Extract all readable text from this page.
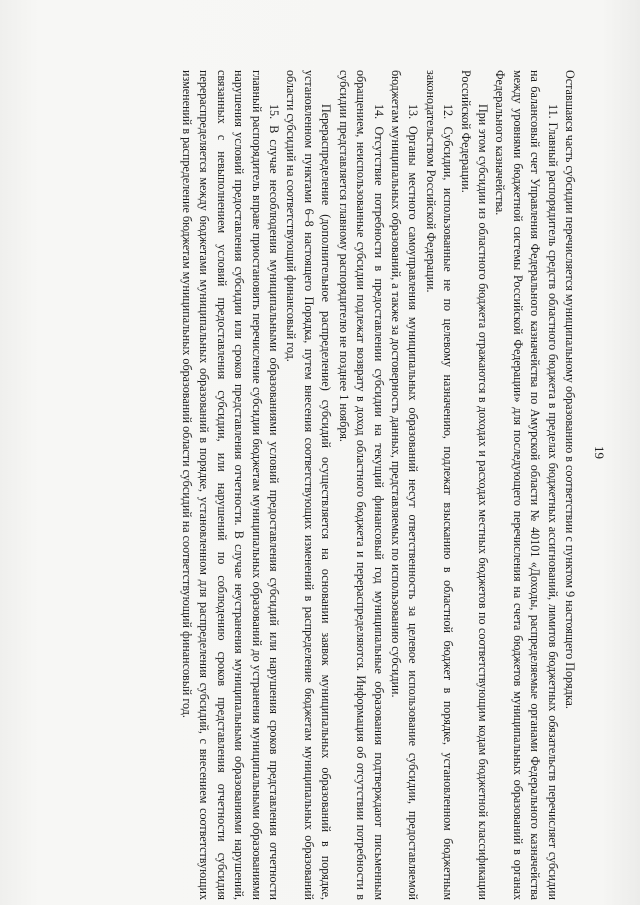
19

Оставшаяся часть субсидии перечисляется муниципальному образованию в соответствии с пунктом 9 настоящего Порядка.

11. Главный распорядитель средств областного бюджета в пределах бюджетных ассигнований, лимитов бюджетных обязательств перечисляет субсидии на балансовый счет Управления Федерального казначейства по Амурской области № 40101 «Доходы, распределяемые органами Федерального казначейства между уровнями бюджетной системы Российской Федерации» для последующего перечисления на счета бюджетов муниципальных образований в органах Федерального казначейства.

При этом субсидии из областного бюджета отражаются в доходах и расходах местных бюджетов по соответствующим кодам бюджетной классификации Российской Федерации.

12. Субсидии, использованные не по целевому назначению, подлежат взысканию в областной бюджет в порядке, установленном бюджетным законодательством Российской Федерации.

13. Органы местного самоуправления муниципальных образований несут ответственность за целевое использование субсидии, предоставляемой бюджетам муниципальных образований, а также за достоверность данных, представляемых по использованию субсидии.

14. Отсутствие потребности в предоставлении субсидии на текущий финансовый год муниципальные образования подтверждают письменным обращением, неиспользованные субсидии подлежат возврату в доход областного бюджета и перераспределяются. Информация об отсутствии потребности в субсидии представляется главному распорядителю не позднее 1 ноября.

Перераспределение (дополнительное распределение) субсидий осуществляется на основании заявок муниципальных образований в порядке, установленном пунктами 6–8 настоящего Порядка, путем внесения соответствующих изменений в распределение бюджетам муниципальных образований области субсидий на соответствующий финансовый год.

15. В случае несоблюдения муниципальными образованиями условий предоставления субсидий или нарушения сроков представления отчетности главный распорядитель вправе приостановить перечисление субсидии бюджетам муниципальных образований до устранения муниципальными образованиями нарушения условий предоставления субсидии или сроков представления отчетности. В случае неустранения муниципальными образованиями нарушений, связанных с невыполнением условий предоставления субсидии, или нарушений по соблюдению сроков представления отчетности субсидия перераспределяется между бюджетами муниципальных образований в порядке, установленном для распределения субсидий, с внесением соответствующих изменений в распределение бюджетам муниципальных образований области субсидий на соответствующий финансовый год.
